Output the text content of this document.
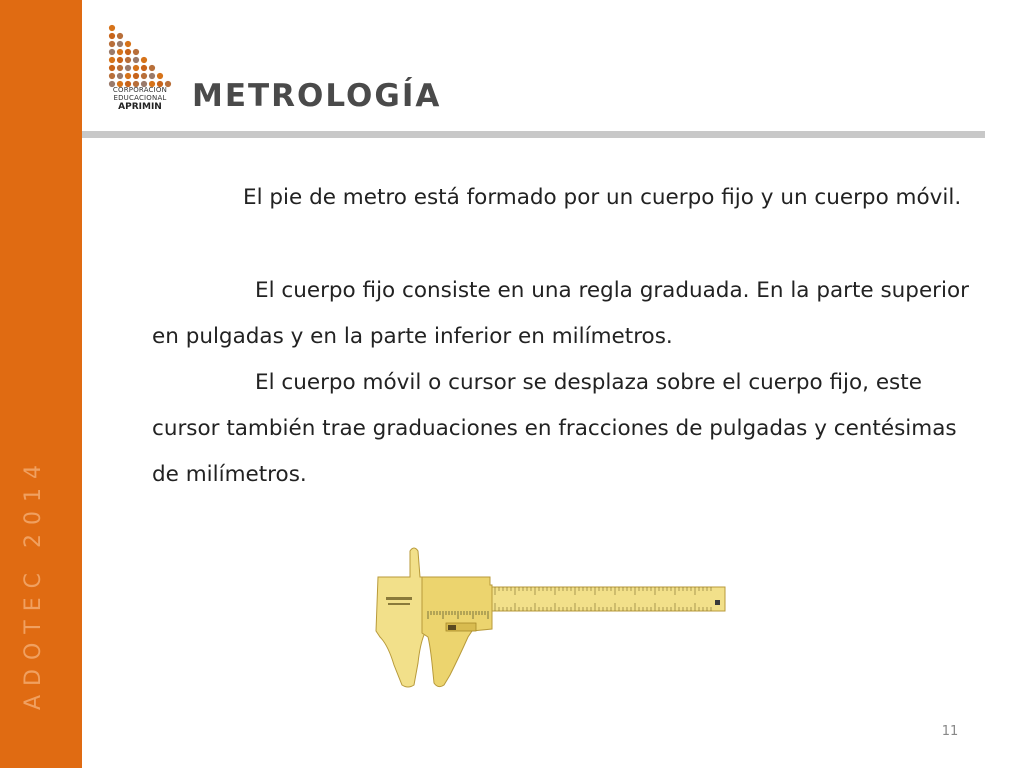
ADOTEC 2014
CORPORACION
EDUCACIONAL
APRIMIN METROLOGÍA

El pie de metro está formado por un cuerpo fijo y un cuerpo móvil.

El cuerpo fijo consiste en una regla graduada. En la parte superior en pulgadas y en la parte inferior en milímetros.

El cuerpo móvil o cursor se desplaza sobre el cuerpo fijo, este cursor también trae graduaciones en fracciones de pulgadas y centésimas de milímetros.

11
